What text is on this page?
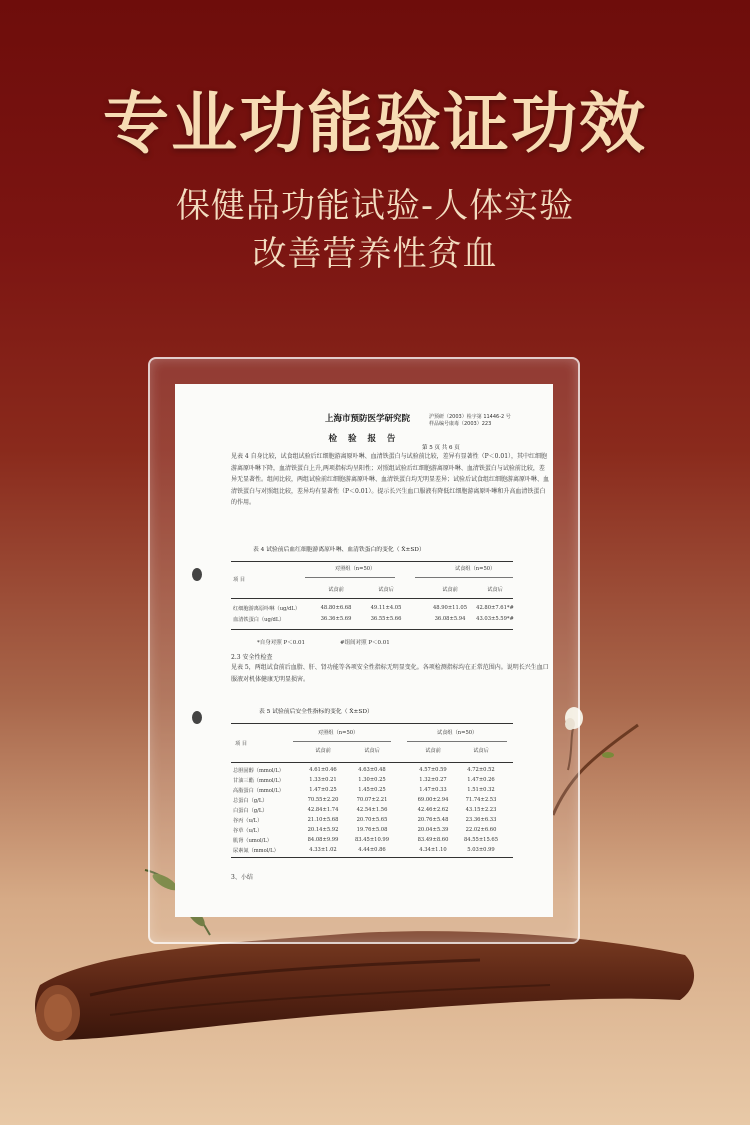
专业功能验证功效
保健品功能试验-人体实验
改善营养性贫血
上海市预防医学研究院	沪预研（2003）检字第 11446-2 号
样品编号康毒（2003）223
检 验 报 告
第 5 页 共 6 页
见表 4 自身比较，试食组试验后红细胞游离原卟啉、血清铁蛋白与试验前比较，差异有显著性（P＜0.01），其中红细胞游离原卟啉下降，血清铁蛋白上升,两项指标均呈阳性；对照组试验后红细胞游离原卟啉、血清铁蛋白与试验前比较，差异无显著性。组间比较，两组试验前红细胞游离原卟啉、血清铁蛋白均无明显差异；试验后试食组红细胞游离原卟啉、血清铁蛋白与对照组比较，差异均有显著性（P＜0.01）。提示长兴生血口服液有降低红细胞游离原卟啉和升高血清铁蛋白的作用。
表 4 试验前后血红细胞游离原卟啉、血清铁蛋白的变化（ X̄±SD）
项 目
对照组（n=50）	试食组（n=50）
试食前	试食后	试食前	试食后
红细胞游离原卟啉（ug/dL）	48.80±6.68	49.11±4.05	48.90±11.05	42.80±7.61*#
血清铁蛋白（ug/dL）	36.36±5.69	36.55±5.66	36.08±5.94	43.03±5.59*#
*自身对照 P＜0.01	#组间对照 P＜0.01
2.3 安全性检查
见表 5，两组试食前后血脂、肝、肾功能等各项安全性指标无明显变化。各项检测指标均在正常范围内。说明长兴生血口服液对机体健康无明显损害。
表 5 试验前后安全性指标的变化（ X̄±SD）
项 目
对照组（n=50）	试食组（n=50）
试食前	试食后	试食前	试食后
总胆固醇（mmol/L）	4.61±0.46	4.63±0.48	4.57±0.59	4.72±0.52
甘油三酯（mmol/L）	1.33±0.21	1.30±0.25	1.32±0.27	1.47±0.26
高脂蛋白（mmol/L）	1.47±0.25	1.45±0.25	1.47±0.33	1.51±0.32
总蛋白（g/L）	70.55±2.20	70.07±2.21	69.00±2.94	71.74±2.53
白蛋白（g/L）	42.84±1.74	42.54±1.56	42.46±2.62	43.15±2.23
谷丙（u/L）	21.10±5.68	20.70±5.65	20.76±5.48	23.36±6.33
谷草（u/L）	20.14±5.92	19.76±5.08	20.04±5.39	22.02±6.60
肌肾（umol/L）	84.08±9.99	83.45±10.99	83.49±8.60	84.55±15.65
尿素氮（mmol/L）	4.33±1.02	4.44±0.86	4.34±1.10	5.03±0.99
3、小结
